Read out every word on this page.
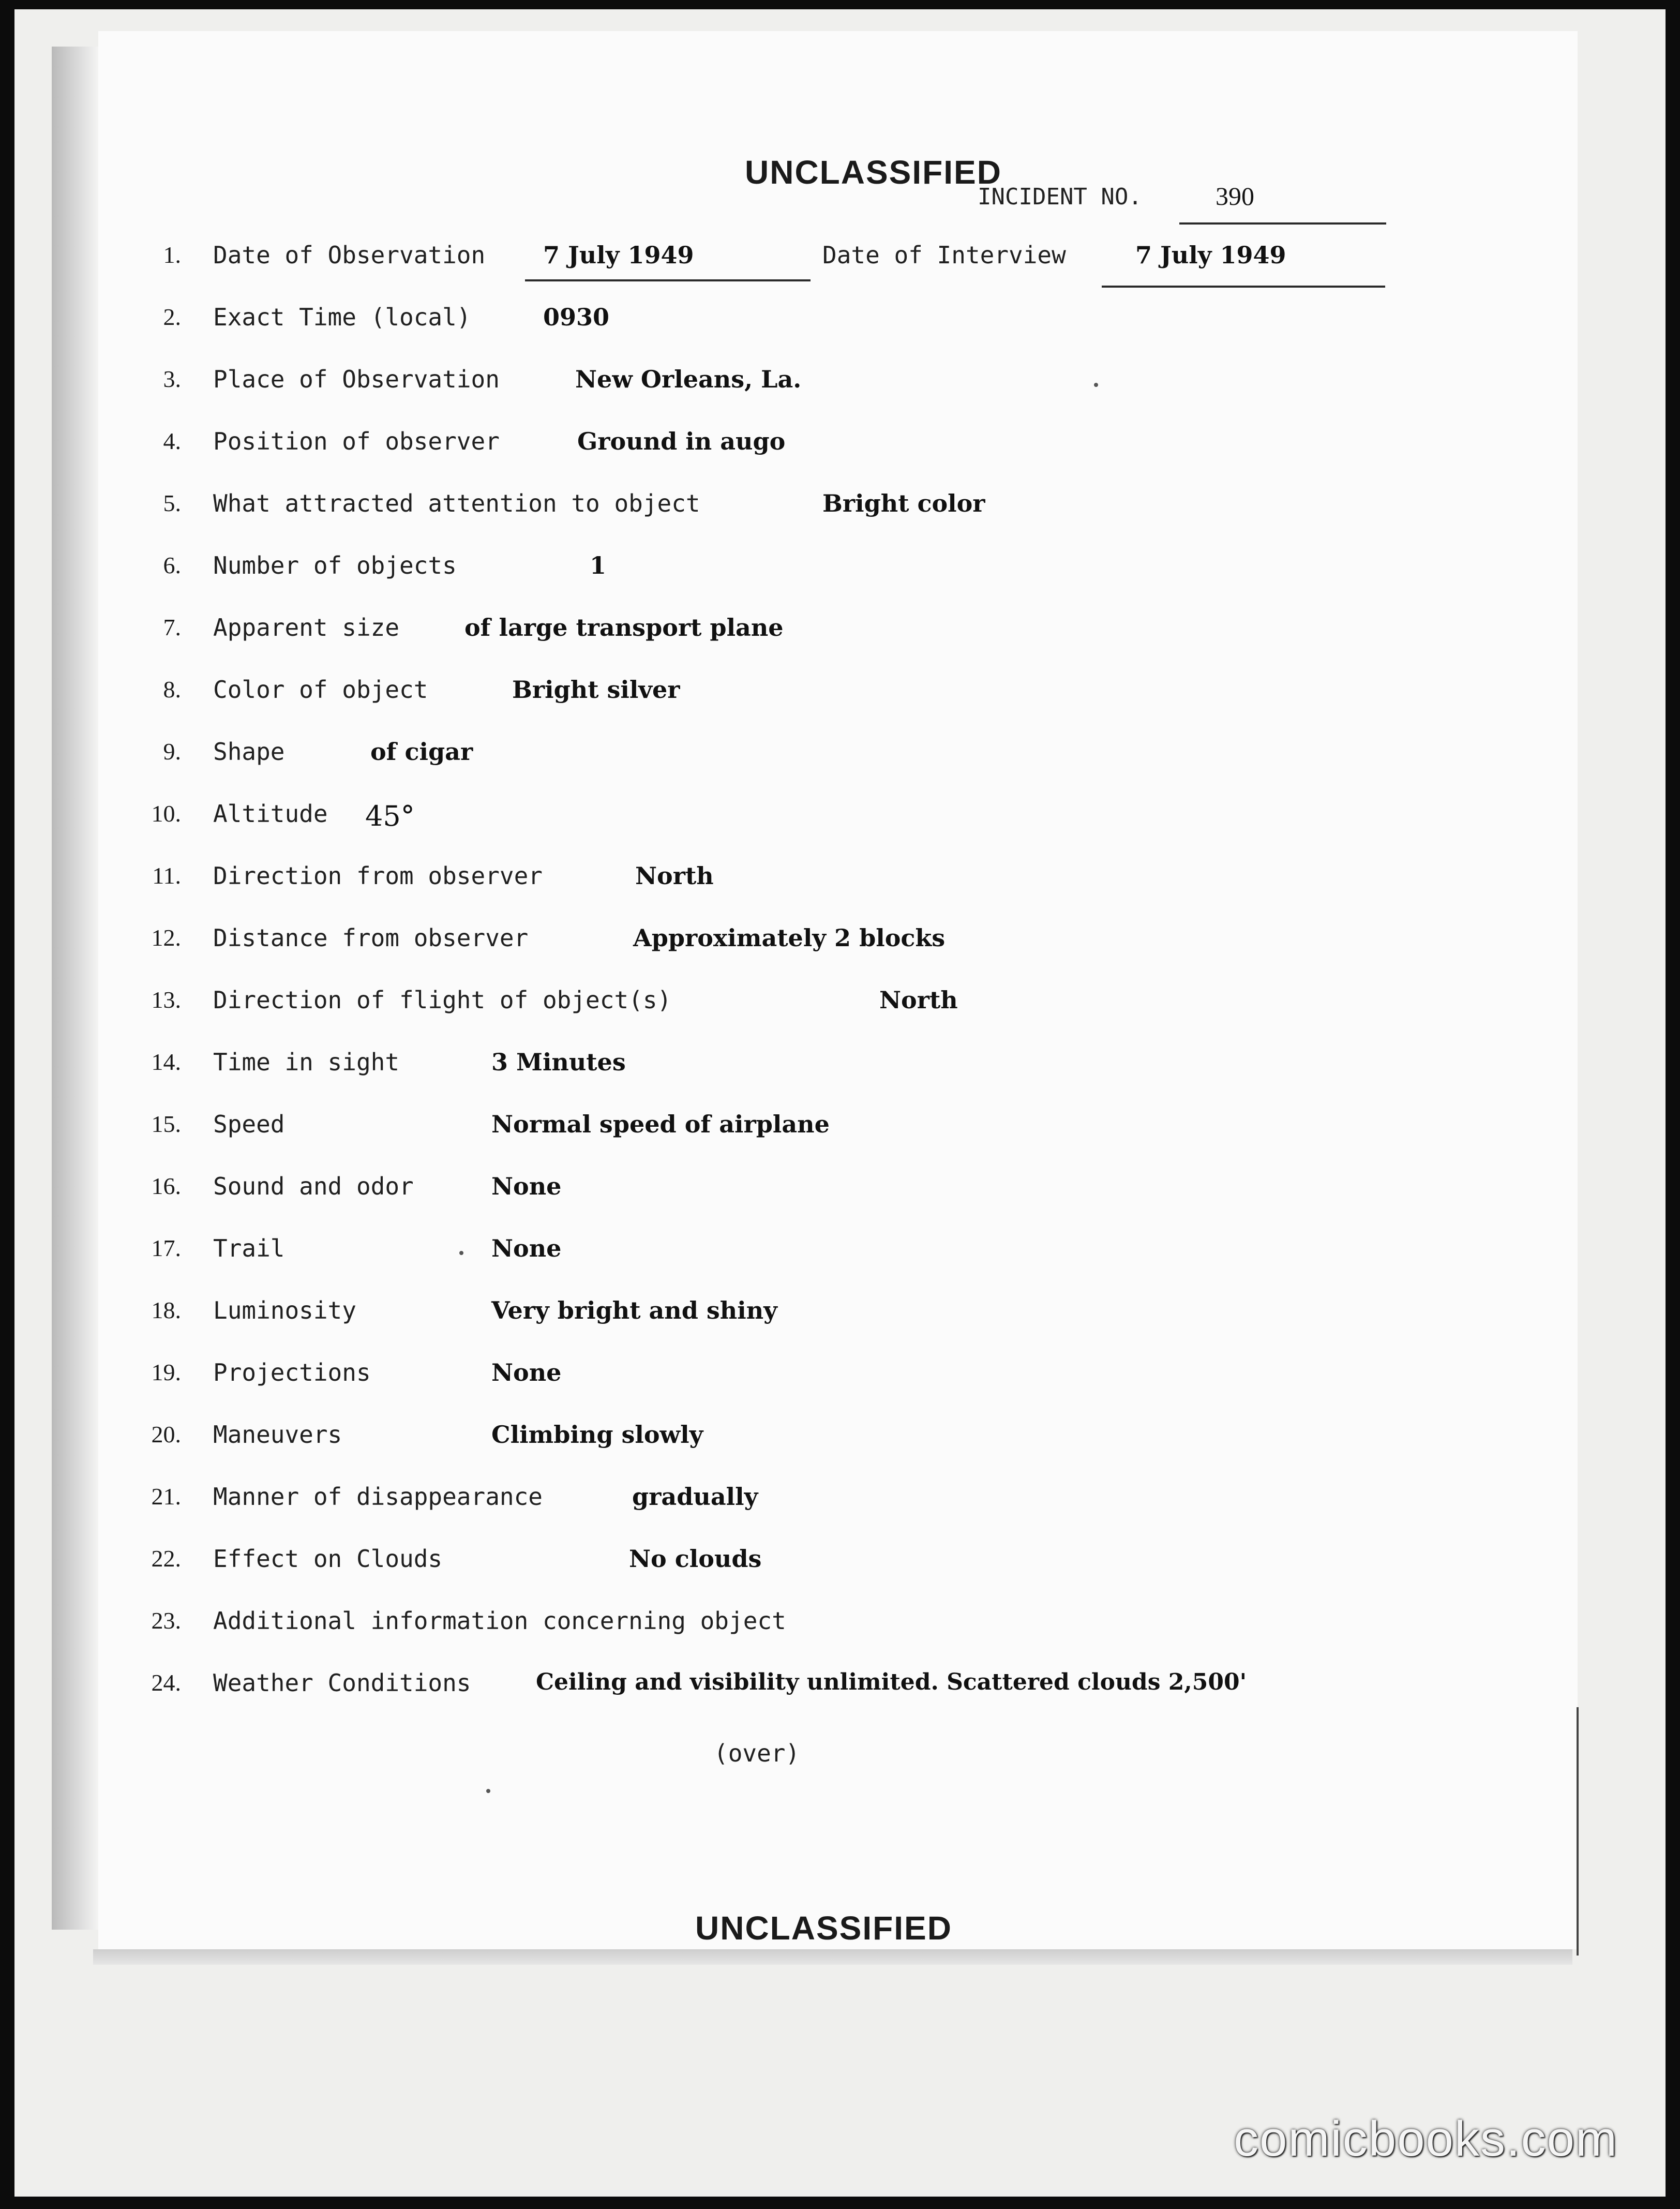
UNCLASSIFIED
INCIDENT NO.	390
1. Date of Observation 7 July 1949	Date of Interview	7 July 1949
2. Exact Time (local)	0930
3. Place of Observation	New Orleans, La.
4. Position of observer	Ground in augo
5. What attracted attention to object	Bright color
6. Number of objects	1
7. Apparent size	of large transport plane
8. Color of object	Bright silver
9. Shape	of cigar
10. Altitude 45°
11. Direction from observer	North
12. Distance from observer	Approximately 2 blocks
13. Direction of flight of object(s)	North
14. Time in sight	3 Minutes
15. Speed	Normal speed of airplane
16. Sound and odor	None
17. Trail	None
18. Luminosity	Very bright and shiny
19. Projections	None
20. Maneuvers	Climbing slowly
21. Manner of disappearance	gradually
22. Effect on Clouds	No clouds
23. Additional information concerning object
24. Weather Conditions	Ceiling and visibility unlimited. Scattered clouds 2,500'
(over)
UNCLASSIFIED
comicbooks.com
